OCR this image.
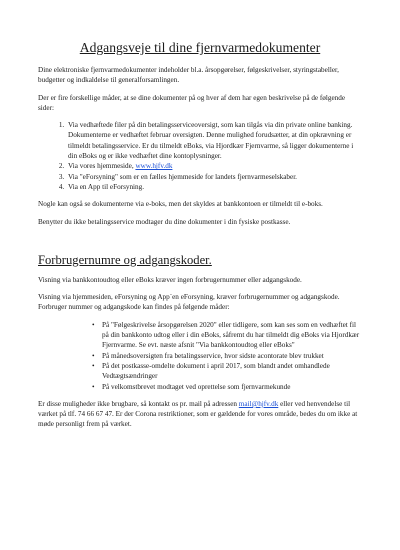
Adgangsveje til dine fjernvarmedokumenter

Dine elektroniske fjernvarmedokumenter indeholder bl.a. årsopgørelser, følgeskrivelser, styringstabeller, budgetter og indkaldelse til generalforsamlingen.

Der er fire forskellige måder, at se dine dokumenter på og hver af dem har egen beskrivelse på de følgende sider:

1. Via vedhæftede filer på din betalingsserviceoversigt, som kan tilgås via din private online banking. Dokumenterne er vedhæftet februar oversigten. Denne mulighed forudsætter, at din opkrævning er tilmeldt betalingsservice. Er du tilmeldt eBoks, via Hjordkær Fjernvarme, så ligger dokumenterne i din eBoks og er ikke vedhæftet dine kontoplysninger.
2. Via vores hjemmeside, www.hjfv.dk
3. Via "eForsyning" som er en fælles hjemmeside for landets fjernvarmeselskaber.
4. Via en App til eForsyning.

Nogle kan også se dokumenterne via e-boks, men det skyldes at bankkontoen er tilmeldt til e-boks.

Benytter du ikke betalingsservice modtager du dine dokumenter i din fysiske postkasse.

Forbrugernumre og adgangskoder.

Visning via bankkontoudtog eller eBoks kræver ingen forbrugernummer eller adgangskode.

Visning via hjemmesiden, eForsyning og App´en eForsyning, kræver forbrugernummer og adgangskode. Forbruger nummer og adgangskode kan findes på følgende måder:

• På "Følgeskrivelse årsopgørelsen 2020" eller tidligere, som kan ses som en vedhæftet fil på din bankkonto udtog eller i din eBoks, såfremt du har tilmeldt dig eBoks via Hjordkær Fjernvarme. Se evt. næste afsnit "Via bankkontoudtog eller eBoks"
• På månedsoversigten fra betalingsservice, hvor sidste acontorate blev trukket
• På det postkasse-omdelte dokument i april 2017, som blandt andet omhandlede Vedtægtsændringer
• På velkomstbrevet modtaget ved oprettelse som fjernvarmekunde

Er disse muligheder ikke brugbare, så kontakt os pr. mail på adressen mail@hjfv.dk eller ved henvendelse til værket på tlf. 74 66 67 47. Er der Corona restriktioner, som er gældende for vores område, bedes du om ikke at møde personligt frem på værket.
